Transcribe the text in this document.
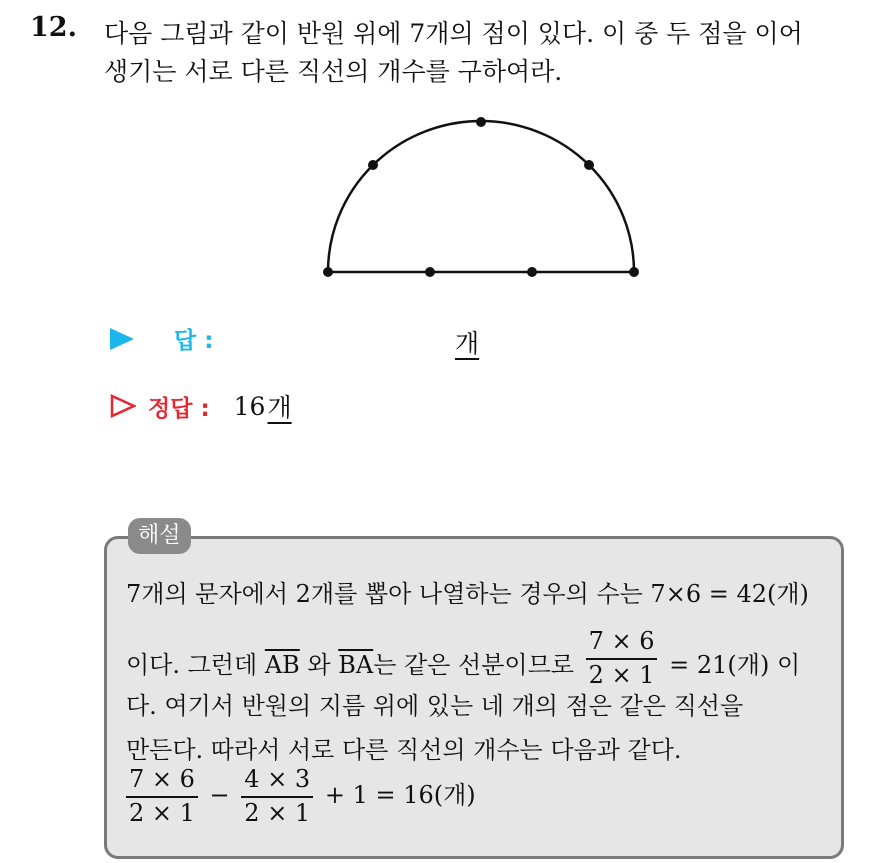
12. 다음 그림과 같이 반원 위에 7개의 점이 있다. 이 중 두 점을 이어
생기는 서로 다른 직선의 개수를 구하여라.
답 :	개
정답 : 16 개
해설
7개의 문자에서 2개를 뽑아 나열하는 경우의 수는 7×6 = 42(개)
이다. 그런데 $\overline{AB}$ 와 $\overline{BA}$는 같은 선분이므로 $\frac{7 \times 6}{2 \times 1} = 21$(개) 이
다. 여기서 반원의 지름 위에 있는 네 개의 점은 같은 직선을
만든다. 따라서 서로 다른 직선의 개수는 다음과 같다.
$\frac{7 \times 6}{2 \times 1} - \frac{4 \times 3}{2 \times 1} + 1 = 16$(개)
